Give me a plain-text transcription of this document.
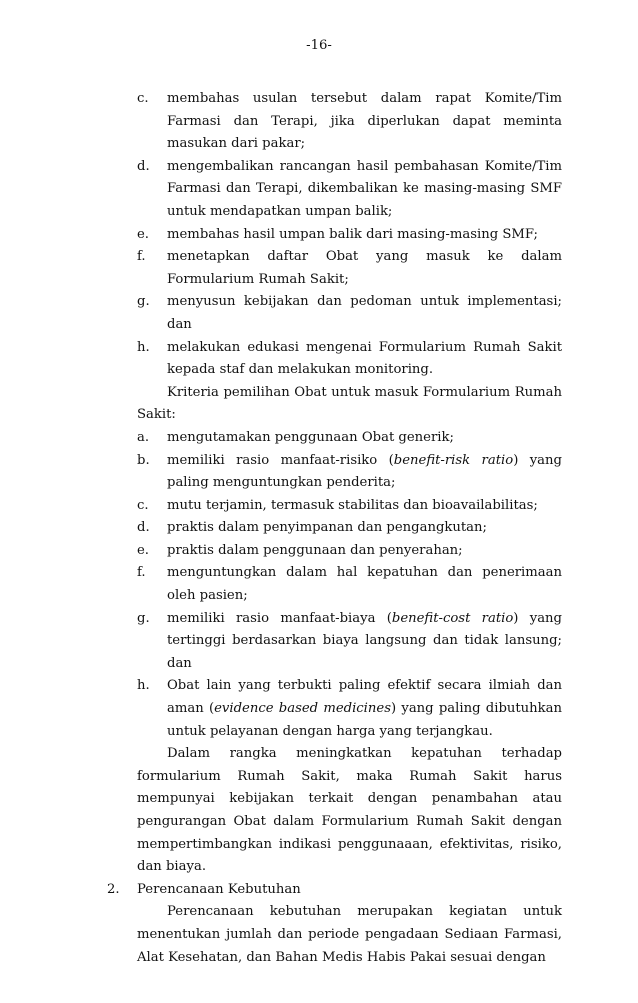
-16-
c. membahas usulan tersebut dalam rapat Komite/Tim Farmasi dan Terapi, jika diperlukan dapat meminta masukan dari pakar;
d. mengembalikan rancangan hasil pembahasan Komite/Tim Farmasi dan Terapi, dikembalikan ke masing-masing SMF untuk mendapatkan umpan balik;
e. membahas hasil umpan balik dari masing-masing SMF;
f. menetapkan daftar Obat yang masuk ke dalam Formularium Rumah Sakit;
g. menyusun kebijakan dan pedoman untuk implementasi; dan
h. melakukan edukasi mengenai Formularium Rumah Sakit kepada staf dan melakukan monitoring.
Kriteria pemilihan Obat untuk masuk Formularium Rumah Sakit:
a. mengutamakan penggunaan Obat generik;
b. memiliki rasio manfaat-risiko (benefit-risk ratio) yang paling menguntungkan penderita;
c. mutu terjamin, termasuk stabilitas dan bioavailabilitas;
d. praktis dalam penyimpanan dan pengangkutan;
e. praktis dalam penggunaan dan penyerahan;
f. menguntungkan dalam hal kepatuhan dan penerimaan oleh pasien;
g. memiliki rasio manfaat-biaya (benefit-cost ratio) yang tertinggi berdasarkan biaya langsung dan tidak lansung; dan
h. Obat lain yang terbukti paling efektif secara ilmiah dan aman (evidence based medicines) yang paling dibutuhkan untuk pelayanan dengan harga yang terjangkau.
Dalam rangka meningkatkan kepatuhan terhadap formularium Rumah Sakit, maka Rumah Sakit harus mempunyai kebijakan terkait dengan penambahan atau pengurangan Obat dalam Formularium Rumah Sakit dengan mempertimbangkan indikasi penggunaaan, efektivitas, risiko, dan biaya.
2. Perencanaan Kebutuhan
Perencanaan kebutuhan merupakan kegiatan untuk menentukan jumlah dan periode pengadaan Sediaan Farmasi, Alat Kesehatan, dan Bahan Medis Habis Pakai sesuai dengan
